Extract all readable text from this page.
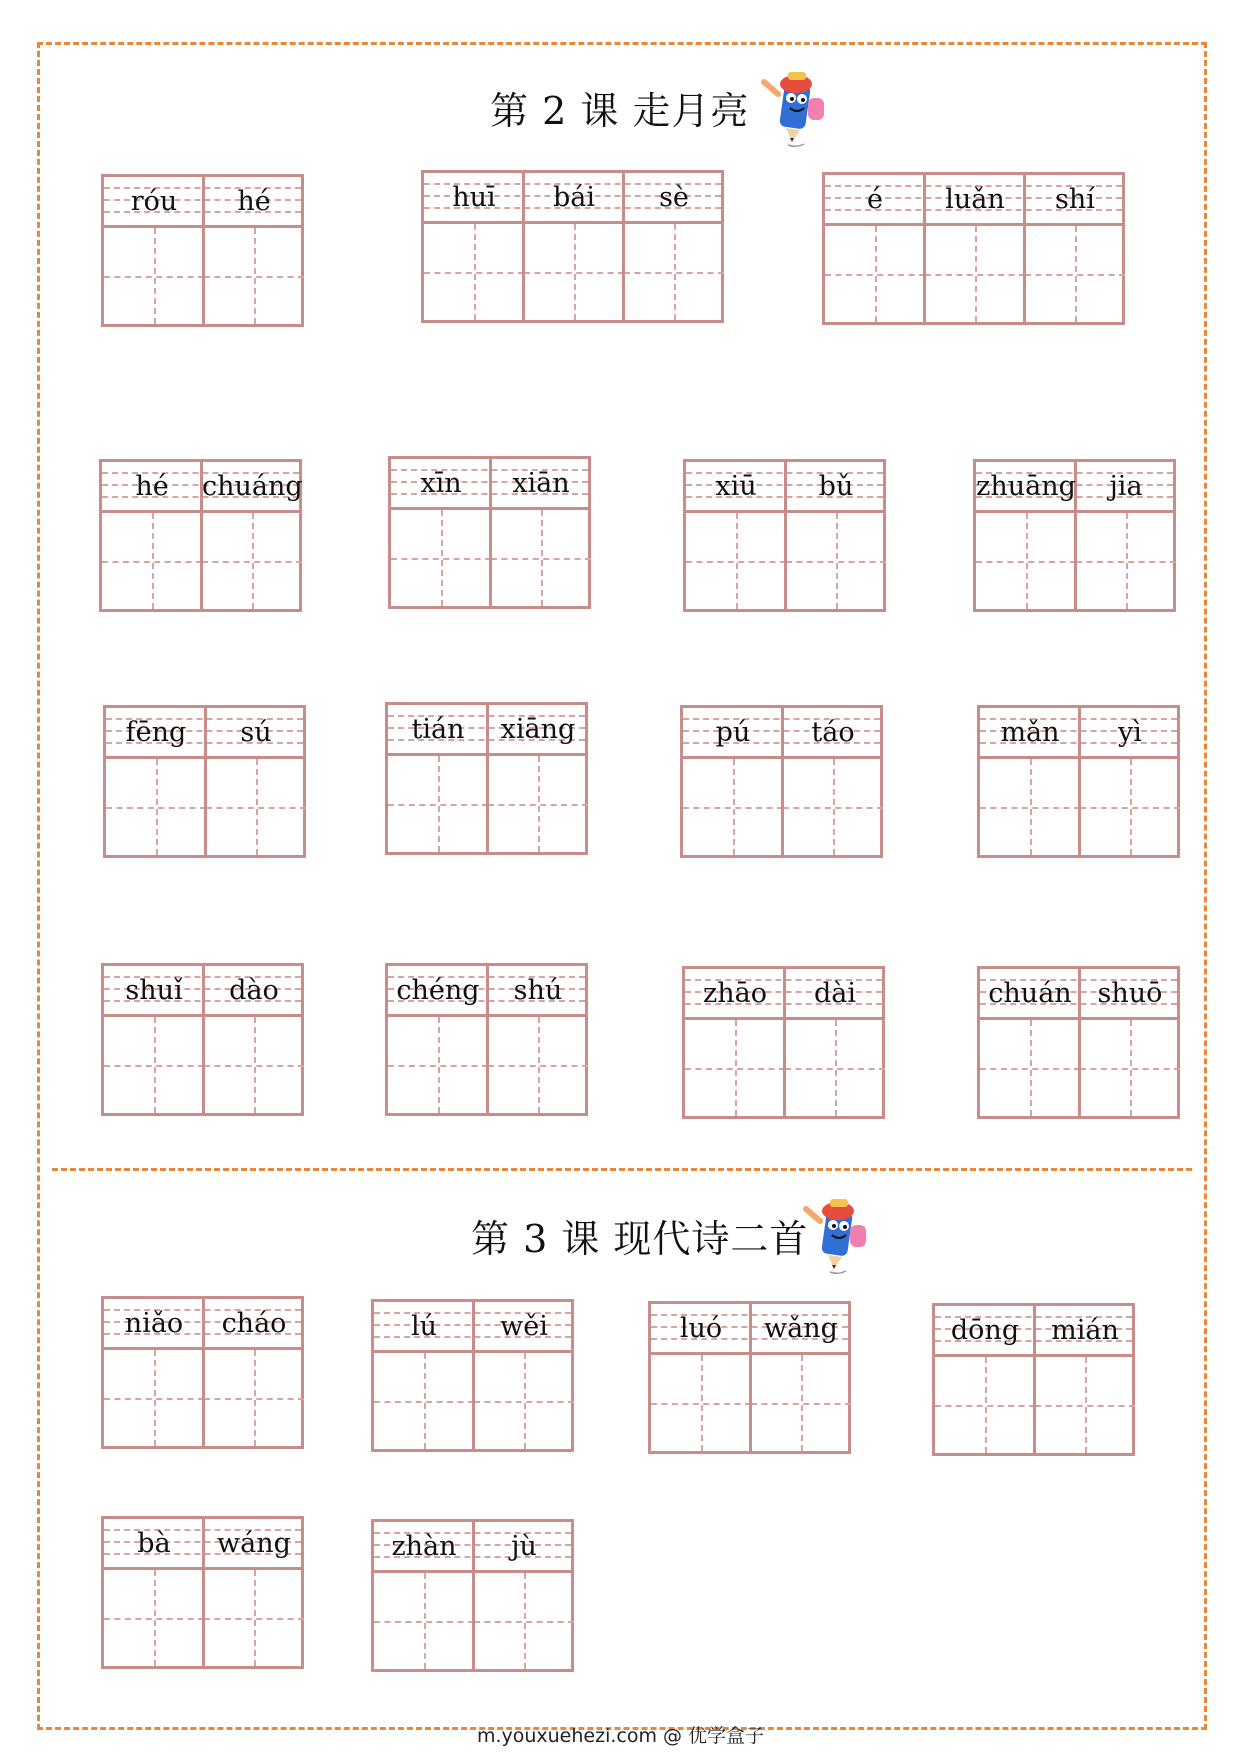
第 2 课 走月亮
第 3 课 现代诗二首
róu	hé	huī	bái	sè	é	luǎn	shí
hé	chuáng	xīn	xiān	xiū	bǔ	zhuāng	jia
fēng	sú	tián	xiāng	pú	táo	mǎn	yì
shuǐ	dào	chéng	shú	zhāo	dài	chuán shuō
niǎo	cháo	lú	wěi	luó	wǎng	dōng	mián
bà	wáng	zhàn	jù
m.youxuehezi.com @ 优学盒子
